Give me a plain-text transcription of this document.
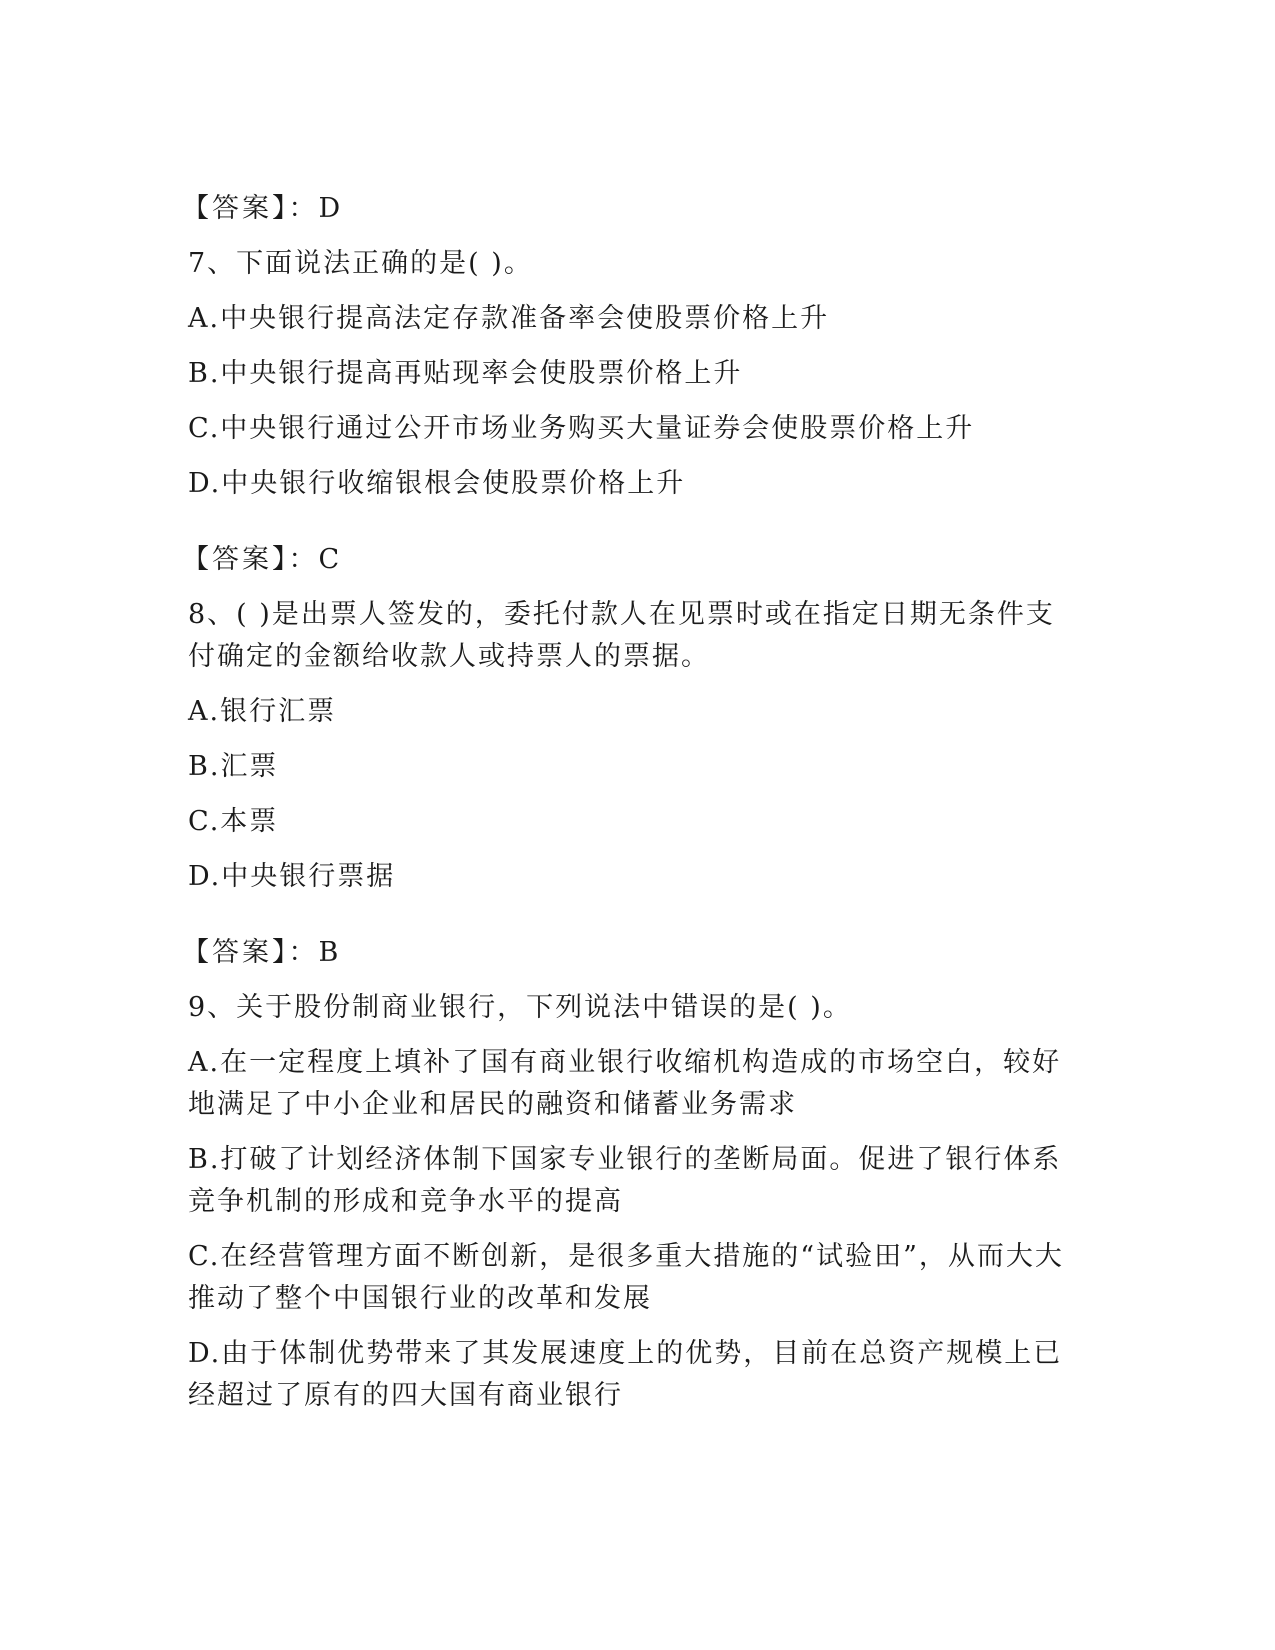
【答案】：D
7、下面说法正确的是( )。
A.中央银行提高法定存款准备率会使股票价格上升
B.中央银行提高再贴现率会使股票价格上升
C.中央银行通过公开市场业务购买大量证券会使股票价格上升
D.中央银行收缩银根会使股票价格上升
【答案】：C
8、( )是出票人签发的，委托付款人在见票时或在指定日期无条件支付确定的金额给收款人或持票人的票据。
A.银行汇票
B.汇票
C.本票
D.中央银行票据
【答案】：B
9、关于股份制商业银行，下列说法中错误的是( )。
A.在一定程度上填补了国有商业银行收缩机构造成的市场空白，较好地满足了中小企业和居民的融资和储蓄业务需求
B.打破了计划经济体制下国家专业银行的垄断局面。促进了银行体系竞争机制的形成和竞争水平的提高
C.在经营管理方面不断创新，是很多重大措施的“试验田”，从而大大推动了整个中国银行业的改革和发展
D.由于体制优势带来了其发展速度上的优势，目前在总资产规模上已经超过了原有的四大国有商业银行
